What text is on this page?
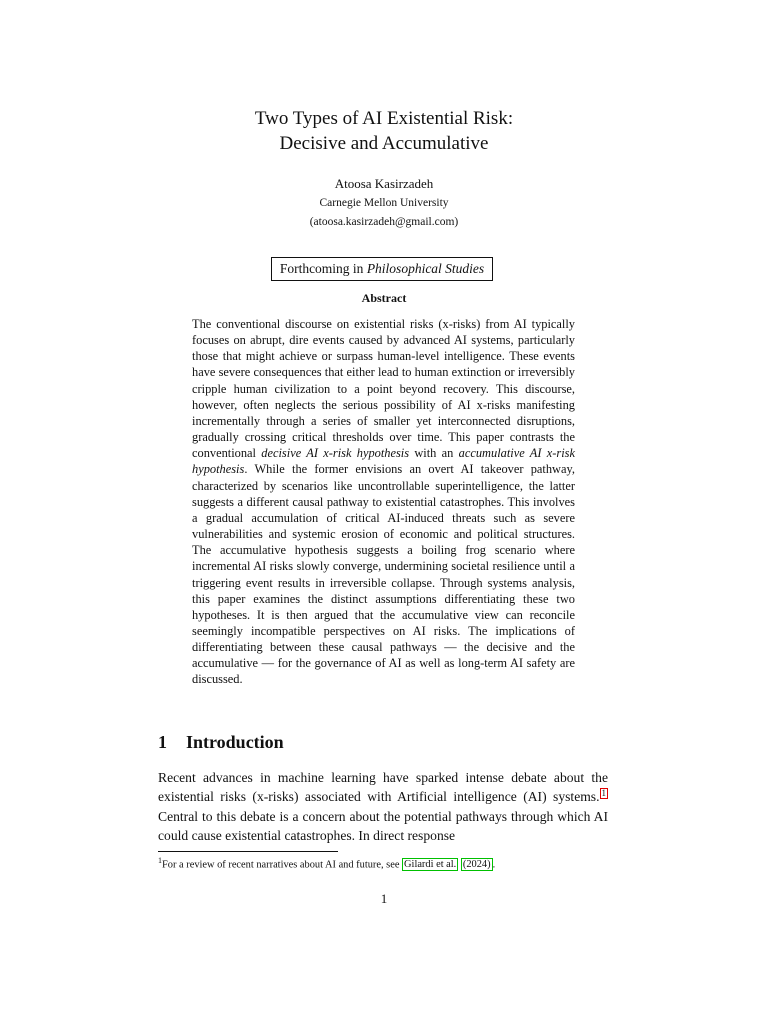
Two Types of AI Existential Risk:
Decisive and Accumulative
Atoosa Kasirzadeh
Carnegie Mellon University
(atoosa.kasirzadeh@gmail.com)
Forthcoming in Philosophical Studies
Abstract

The conventional discourse on existential risks (x-risks) from AI typically focuses on abrupt, dire events caused by advanced AI systems, particularly those that might achieve or surpass human-level intelligence. These events have severe consequences that either lead to human extinction or irreversibly cripple human civilization to a point beyond recovery. This discourse, however, often neglects the serious possibility of AI x-risks manifesting incrementally through a series of smaller yet interconnected disruptions, gradually crossing critical thresholds over time. This paper contrasts the conventional decisive AI x-risk hypothesis with an accumulative AI x-risk hypothesis. While the former envisions an overt AI takeover pathway, characterized by scenarios like uncontrollable superintelligence, the latter suggests a different causal pathway to existential catastrophes. This involves a gradual accumulation of critical AI-induced threats such as severe vulnerabilities and systemic erosion of economic and political structures. The accumulative hypothesis suggests a boiling frog scenario where incremental AI risks slowly converge, undermining societal resilience until a triggering event results in irreversible collapse. Through systems analysis, this paper examines the distinct assumptions differentiating these two hypotheses. It is then argued that the accumulative view can reconcile seemingly incompatible perspectives on AI risks. The implications of differentiating between these causal pathways — the decisive and the accumulative — for the governance of AI as well as long-term AI safety are discussed.

1 Introduction

Recent advances in machine learning have sparked intense debate about the existential risks (x-risks) associated with Artificial intelligence (AI) systems. 1 Central to this debate is a concern about the potential pathways through which AI could cause existential catastrophes. In direct response

$^1$For a review of recent narratives about AI and future, see Gilardi et al. (2024) .
1
